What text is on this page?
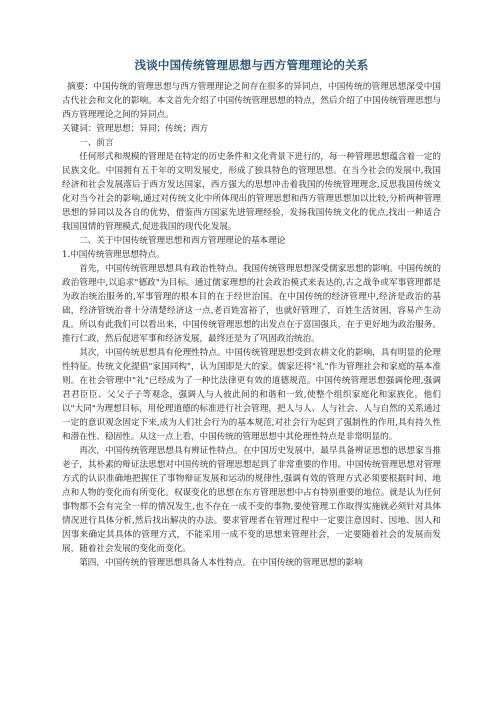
浅谈中国传统管理思想与西方管理理论的关系

摘要：中国传统的管理思想与西方管理理论之间存在很多的异同点，中国传统的管理思想深受中国古代社会和文化的影响。本文首先介绍了中国传统管理思想的特点，然后介绍了中国传统管理思想与西方管理理论之间的异同点。

关键词：管理思想；异同；传统；西方

一、前言

任何形式和规模的管理是在特定的历史条件和文化背景下进行的，每一种管理思想蕴含着一定的民族文化。中国拥有五千年的文明发展史，形成了独具特色的管理思想。在当今社会的发展中,我国经济和社会发展落后于西方发达国家，西方强大的思想冲击着我国的传统管理理念,反思我国传统文化对当今社会的影响,通过对传统文化中所体现出的管理思想和西方管理思想加以比较,分析两种管理思想的异同以及各自的优势，借鉴西方国家先进管理经验，发扬我国传统文化的优点,找出一种适合我国国情的管理模式,促进我国的现代化发展。

二、关于中国传统管理思想和西方管理理论的基本理论

1.中国传统管理思想特点。

首先，中国传统管理思想具有政治性特点。我国传统管理思想深受儒家思想的影响。中国传统的政治管理中,以追求"德政"为目标。通过儒家理想的社会政治模式来表达的,古之战争或军事管理都是为政治统治服务的,军事管理的根本目的在于经世治国。在中国传统的经济管理中,经济是政治的基础，经济管统治者十分清楚经济这一点,老百姓富裕了，也就好管理了，百姓生活贫困，容易产生动乱。所以有此我们可以看出来，中国传统管理思想的出发点在于富国强兵，在于更好地为政治服务。推行仁政，然后促进军事和经济发展，最终还是为了巩固政治统治。

其次，中国传统思想具有伦理性特点。中国传统管理思想受到农耕文化的影响，具有明显的伦理性特征。传统文化提倡"家国同构"，认为国即是大的家。儒家还将"礼"作为管理社会和家庭的基本准则。在社会管理中"礼"已经成为了一种比法律更有效的道德规范。中国传统管理思想强调伦理,强调君君臣臣、父父子子等观念，强调人与人彼此间的和谐和一致,使整个组织家庭化和家族化。他们以"大同"为理想目标，用伦理道德的标准进行社会管理，把人与人、人与社会、人与自然的关系通过一定的意识观念固定下来,成为人们社会行为的基本规范,对社会行为起到了强制性的作用,具有持久性和潜在性、稳固性。从这一点上看，中国传统的管理思想中其伦理性特点是非常明显的。

再次，中国传统管理思想具有辨证性特点。在中国历史发展中，最早具备辨证思想的思想家当推老子，其朴素的辩证法思想对中国传统的管理思想起到了非常重要的作用。中国传统管理思想对管理方式的认识准确地把握住了事物辩证发展和运动的规律性,强调有效的管理方式必须要根据时间、地点和人物的变化而有所变化。权谋变化的思想在东方管理思想中占有特别重要的地位。就是认为任何事物都不会有完全一样的情况发生,也不存在一成不变的事物,要使管理工作取得实施就必须针对具体情况进行具体分析,然后找出解决的办法。要求管理者在管理过程中一定要注意因时、因地、因人和因事来确定其具体的管理方式，不能采用一成不变的思想来管理社会，一定要随着社会的发展而发展，随着社会发展的变化而变化。

第四，中国传统的管理思想具备人本性特点。在中国传统的管理思想的影响
